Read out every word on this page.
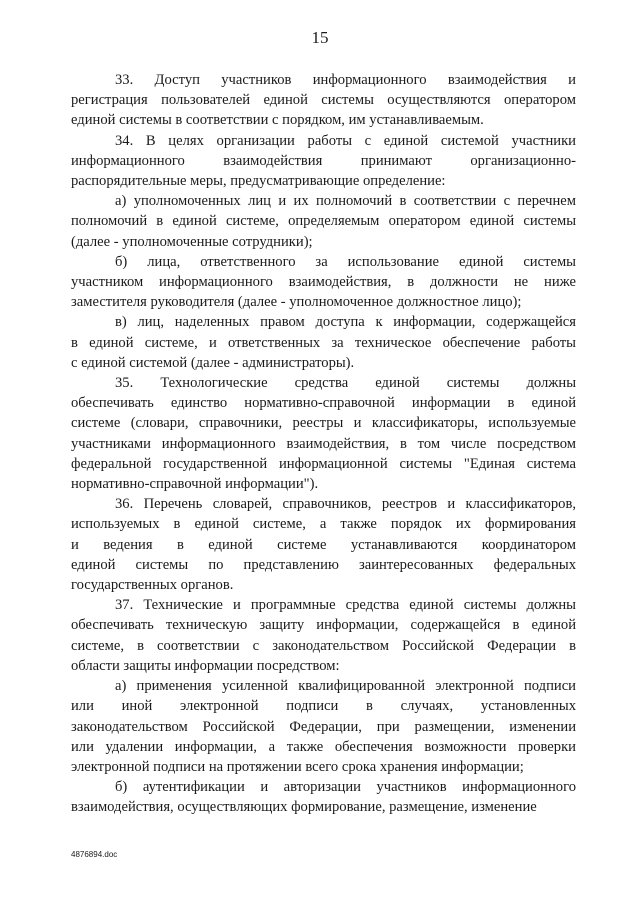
15
33. Доступ участников информационного взаимодействия и
регистрация пользователей единой системы осуществляются оператором
единой системы в соответствии с порядком, им устанавливаемым.
34. В целях организации работы с единой системой участники
информационного взаимодействия принимают организационно-
распорядительные меры, предусматривающие определение:
а) уполномоченных лиц и их полномочий в соответствии с перечнем
полномочий в единой системе, определяемым оператором единой системы
(далее - уполномоченные сотрудники);
б) лица, ответственного за использование единой системы
участником информационного взаимодействия, в должности не ниже
заместителя руководителя (далее - уполномоченное должностное лицо);
в) лиц, наделенных правом доступа к информации, содержащейся
в единой системе, и ответственных за техническое обеспечение работы
с единой системой (далее - администраторы).
35. Технологические средства единой системы должны
обеспечивать единство нормативно-справочной информации в единой
системе (словари, справочники, реестры и классификаторы, используемые
участниками информационного взаимодействия, в том числе посредством
федеральной государственной информационной системы "Единая система
нормативно-справочной информации").
36. Перечень словарей, справочников, реестров и классификаторов,
используемых в единой системе, а также порядок их формирования
и ведения в единой системе устанавливаются координатором
единой системы по представлению заинтересованных федеральных
государственных органов.
37. Технические и программные средства единой системы должны
обеспечивать техническую защиту информации, содержащейся в единой
системе, в соответствии с законодательством Российской Федерации в
области защиты информации посредством:
а) применения усиленной квалифицированной электронной подписи
или иной электронной подписи в случаях, установленных
законодательством Российской Федерации, при размещении, изменении
или удалении информации, а также обеспечения возможности проверки
электронной подписи на протяжении всего срока хранения информации;
б) аутентификации и авторизации участников информационного
взаимодействия, осуществляющих формирование, размещение, изменение
4876894.doc
